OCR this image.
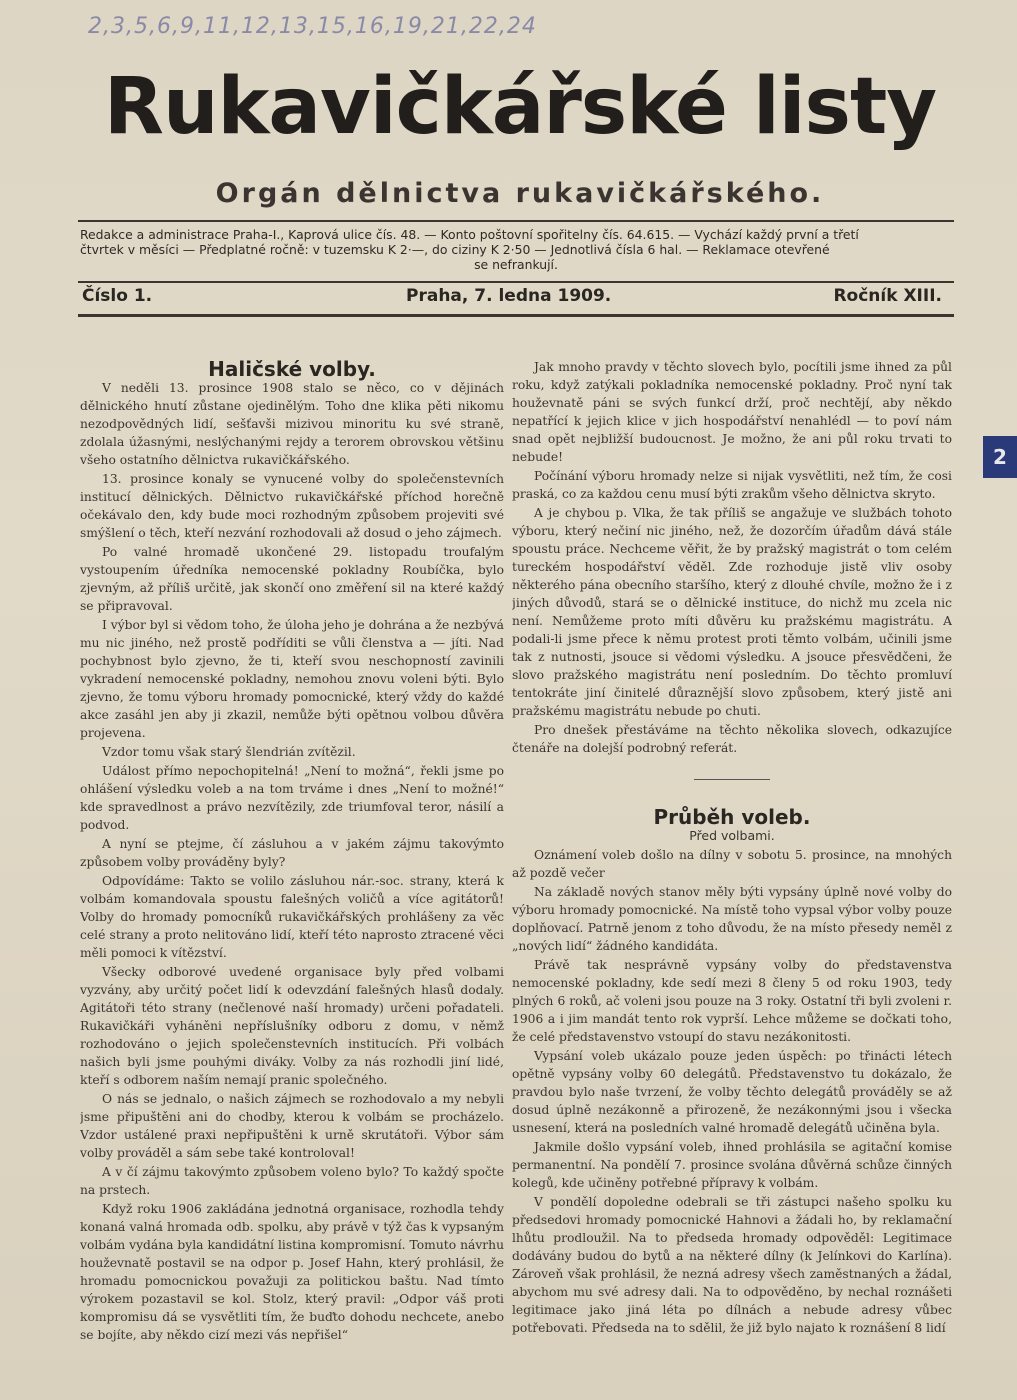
2,3,5,6,9,11,12,13,15,16,19,21,22,24
Rukavičkářské listy
Orgán dělnictva rukavičkářského.

Redakce a administrace Praha-I., Kaprová ulice čís. 48. — Konto poštovní spořitelny čís. 64.615. — Vychází každý první a třetí

čtvrtek v měsíci — Předplatné ročně: v tuzemsku K 2·—, do ciziny K 2·50 — Jednotlivá čísla 6 hal. — Reklamace otevřené

se nefrankují.

Číslo 1.	Praha, 7. ledna 1909.	Ročník XIII.
2

Haličské volby.

V neděli 13. prosince 1908 stalo se něco, co v dějinách dělnického hnutí zůstane ojedinělým. Toho dne klika pěti nikomu nezodpovědných lidí, sešťavši mizivou minoritu ku své straně, zdolala úžasnými, neslýchanými rejdy a terorem obrovskou většinu všeho ostatního dělnictva rukavičkářského.

13. prosince konaly se vynucené volby do společenstevních institucí dělnických. Dělnictvo rukavičkářské příchod horečně očekávalo den, kdy bude moci rozhodným způsobem projeviti své smýšlení o těch, kteří nezvání rozhodovali až dosud o jeho zájmech.

Po valné hromadě ukončené 29. listopadu troufalým vystoupením úředníka nemocenské pokladny Roubíčka, bylo zjevným, až příliš určitě, jak skončí ono změření sil na které každý se připravoval.

I výbor byl si vědom toho, že úloha jeho je dohrána a že nezbývá mu nic jiného, než prostě podříditi se vůli členstva a — jíti. Nad pochybnost bylo zjevno, že ti, kteří svou neschopností zavinili vykradení nemocenské pokladny, nemohou znovu voleni býti. Bylo zjevno, že tomu výboru hromady pomocnické, který vždy do každé akce zasáhl jen aby ji zkazil, nemůže býti opětnou volbou důvěra projevena.

Vzdor tomu však starý šlendrián zvítězil.

Událost přímo nepochopitelná! „Není to možná“, řekli jsme po ohlášení výsledku voleb a na tom trváme i dnes „Není to možné!“ kde spravedlnost a právo nezvítězily, zde triumfoval teror, násilí a podvod.

A nyní se ptejme, čí zásluhou a v jakém zájmu takovýmto způsobem volby prováděny byly?

Odpovídáme: Takto se volilo zásluhou nár.-soc. strany, která k volbám komandovala spoustu falešných voličů a více agitátorů! Volby do hromady pomocníků rukavičkářských prohlášeny za věc celé strany a proto nelitováno lidí, kteří této naprosto ztracené věci měli pomoci k vítězství.

Všecky odborové uvedené organisace byly před volbami vyzvány, aby určitý počet lidí k odevzdání falešných hlasů dodaly. Agitátoři této strany (nečlenové naší hromady) určeni pořadateli. Rukavičkáři vyháněni nepříslušníky odboru z domu, v němž rozhodováno o jejich společenstevních institucích. Při volbách našich byli jsme pouhými diváky. Volby za nás rozhodli jiní lidé, kteří s odborem naším nemají pranic společného.

O nás se jednalo, o našich zájmech se rozhodovalo a my nebyli jsme připuštěni ani do chodby, kterou k volbám se procházelo. Vzdor ustálené praxi nepřipuštěni k urně skrutátoři. Výbor sám volby prováděl a sám sebe také kontroloval!

A v čí zájmu takovýmto způsobem voleno bylo? To každý spočte na prstech.

Když roku 1906 zakládána jednotná organisace, rozhodla tehdy konaná valná hromada odb. spolku, aby právě v týž čas k vypsaným volbám vydána byla kandidátní listina kompromisní. Tomuto návrhu houževnatě postavil se na odpor p. Josef Hahn, který prohlásil, že hromadu pomocnickou považuji za politickou baštu. Nad tímto výrokem pozastavil se kol. Stolz, který pravil: „Odpor váš proti kompromisu dá se vysvětliti tím, že buďto dohodu nechcete, anebo se bojíte, aby někdo cizí mezi vás nepřišel“

Jak mnoho pravdy v těchto slovech bylo, pocítili jsme ihned za půl roku, když zatýkali pokladníka nemocenské pokladny. Proč nyní tak houževnatě páni se svých funkcí drží, proč nechtějí, aby někdo nepatřící k jejich klice v jich hospodářství nenahlédl — to poví nám snad opět nejbližší budoucnost. Je možno, že ani půl roku trvati to nebude!

Počínání výboru hromady nelze si nijak vysvětliti, než tím, že cosi praská, co za každou cenu musí býti zrakům všeho dělnictva skryto.

A je chybou p. Vlka, že tak příliš se angažuje ve službách tohoto výboru, který nečiní nic jiného, než, že dozorčím úřadům dává stále spoustu práce. Nechceme věřit, že by pražský magistrát o tom celém tureckém hospodářství věděl. Zde rozhoduje jistě vliv osoby některého pána obecního staršího, který z dlouhé chvíle, možno že i z jiných důvodů, stará se o dělnické instituce, do nichž mu zcela nic není. Nemůžeme proto míti důvěru ku pražskému magistrátu. A podali-li jsme přece k němu protest proti těmto volbám, učinili jsme tak z nutnosti, jsouce si vědomi výsledku. A jsouce přesvědčeni, že slovo pražského magistrátu není posledním. Do těchto promluví tentokráte jiní činitelé důraznější slovo způsobem, který jistě ani pražskému magistrátu nebude po chuti.

Pro dnešek přestáváme na těchto několika slovech, odkazujíce čtenáře na dolejší podrobný referát.

Průběh voleb.

Před volbami.

Oznámení voleb došlo na dílny v sobotu 5. prosince, na mnohých až pozdě večer

Na základě nových stanov měly býti vypsány úplně nové volby do výboru hromady pomocnické. Na místě toho vypsal výbor volby pouze doplňovací. Patrně jenom z toho důvodu, že na místo přesedy neměl z „nových lidí“ žádného kandidáta.

Právě tak nesprávně vypsány volby do představenstva nemocenské pokladny, kde sedí mezi 8 členy 5 od roku 1903, tedy plných 6 roků, ač voleni jsou pouze na 3 roky. Ostatní tři byli zvoleni r. 1906 a i jim mandát tento rok vyprší. Lehce můžeme se dočkati toho, že celé představenstvo vstoupí do stavu nezákonitosti.

Vypsání voleb ukázalo pouze jeden úspěch: po třinácti létech opětně vypsány volby 60 delegátů. Představenstvo tu dokázalo, že pravdou bylo naše tvrzení, že volby těchto delegátů prováděly se až dosud úplně nezákonně a přirozeně, že nezákonnými jsou i všecka usnesení, která na posledních valné hromadě delegátů učiněna byla.

Jakmile došlo vypsání voleb, ihned prohlásila se agitační komise permanentní. Na pondělí 7. prosince svolána důvěrná schůze činných kolegů, kde učiněny potřebné přípravy k volbám.

V pondělí dopoledne odebrali se tři zástupci našeho spolku ku předsedovi hromady pomocnické Hahnovi a žádali ho, by reklamační lhůtu prodloužil. Na to předseda hromady odpověděl: Legitimace dodávány budou do bytů a na některé dílny (k Jelínkovi do Karlína). Zároveň však prohlásil, že nezná adresy všech zaměstnaných a žádal, abychom mu své adresy dali. Na to odpověděno, by nechal roznášeti legitimace jako jiná léta po dílnách a nebude adresy vůbec potřebovati. Předseda na to sdělil, že již bylo najato k roznášení 8 lidí
